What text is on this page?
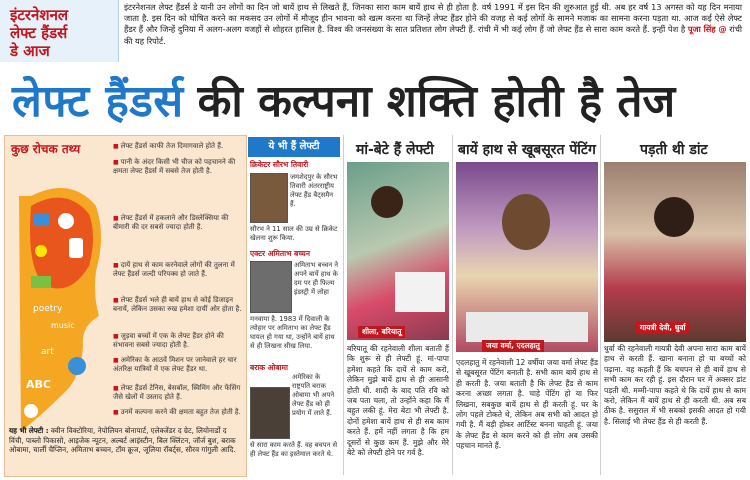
इंटरनेशनल
लेफ्ट हैंडर्स
डे आज
इंटरनेशनल लेफ्ट हैंडर्स डे यानी उन लोगों का दिन जो बायें हाथ से लिखते हैं, जिनका सारा काम बायें हाथ से ही होता है. वर्ष 1991 में इस दिन की शुरुआत हुई थी. अब हर वर्ष 13 अगस्त को यह दिन मनाया जाता है. इस दिन को घोषित करने का मकसद उन लोगों में मौजूद हीन भावना को खत्म करना था जिन्हें लेफ्ट हैंडर होने की वजह से कई लोगों के सामने मजाक का सामना करना पड़ता था. आज कई ऐसे लेफ्ट हैंडर हैं और जिन्हें दुनिया में अलग-अलग वजहों से शोहरत हासिल है. विश्व की जनसंख्या के सात प्रतिशत लोग लेफ्टी हैं. रांची में भी कई लोग हैं जो लेफ्ट हैंड से सारा काम करते हैं. इन्हीं पेश है पूजा सिंह @ रांची की यह रिपोर्ट.
लेफ्ट हैंडर्स की कल्पना शक्ति होती है तेज
कुछ रोचक तथ्य
poetry
music
art
ABC
■ लेफ्ट हैंडर्स काफी तेज दिमागवाले होते हैं.
■ पानी के अंदर किसी भी चीज को पहचानने की क्षमता लेफ्ट हैंडर्स में सबसे तेज होती है.
■ लेफ्ट हैंडर्स में हकलाने और डिस्लेक्सिया की बीमारी की दर सबसे ज्यादा होती है.
■ दायें हाथ से काम करनेवाले लोगों की तुलना में लेफ्ट हैंडर्स जल्दी परिपक्व हो जाते हैं.
■ लेफ्ट हैंडर्स भले ही बायें हाथ से कोई डिजाइन बनायें, लेकिन उसका रुख हमेशा दायीं ओर होता है.
■ जुड़वा बच्चों में एक के लेफ्ट हैंडर होने की संभावना सबसे ज्यादा होती है.
■ अमेरिका के आठवें मिशन पर जानेवाले हर चार अंतरिक्ष यात्रियों में एक लेफ्ट हैंडर था.
■ लेफ्ट हैंडर्स टेनिस, बेसबॉल, स्विमिंग और फेंसिंग जैसे खेलों में उस्ताद होते हैं.
■ उनमें कल्पना करने की क्षमता बहुत तेज होती है.
यह भी लेफ्टी : क्वीन विक्टोरिया, नेपोलियन बोनापार्ट, एलेक्जेंडर द ग्रेट, लियोनार्डो द विंची, पाब्लो पिकासो, आइजेक न्यूटन, अल्बर्ट आइंस्टीन, बिल क्लिंटन, जॉर्ज बुश, बराक ओबामा, चार्ली चैप्लिन, अमिताभ बच्चन, टॉम क्रूज, जूलिया रॉबर्ट्स, सौरव गांगुली आदि.
ये भी हैं लेफ्टी
क्रिकेटर सौरभ तिवारी
जमशेदपुर के सौरभ तिवारी अंतरराष्ट्रीय लेफ्ट हैंड बैट्समैन हैं.
सौरभ ने 11 साल की उम्र से क्रिकेट खेलना शुरू किया.
एक्टर अमिताभ बच्चन
अमिताभ बच्चन ने अपने बायें हाथ के दम पर ही फिल्म इंडस्ट्री में लोहा
मनवाया है. 1983 में दिवाली के त्योहार पर अमिताभ का लेफ्ट हैंड घायल हो गया था, उन्होंने बायें हाथ से ही लिखना सीख लिया.
बराक ओबामा
अमेरिका के राष्ट्रपति बराक ओबामा भी अपने लेफ्ट हैंड को ही प्रयोग में लाते हैं.
से सारा काम करते हैं. वह बचपन से ही लेफ्ट हैंड का इस्तेमाल करते थे.
मां-बेटे हैं लेफ्टी
शीला, बरियातू
बरियातू की रहनेवाली शीला बताती हैं कि शुरू से ही लेफ्टी हूं. मां-पापा हमेशा कहते कि दायें से काम करो, लेकिन मुझे बायें हाथ से ही आसानी होती थी. शादी के बाद पति रवि को जब पता चला, तो उन्होंने कहा कि मैं बहुत लकी हूं. मेरा बेटा भी लेफ्टी है. दोनों हमेशा बायें हाथ से ही सब काम करते हैं. हमें नहीं लगता है कि हम दूसरों से कुछ कम हैं. मुझे और मेरे बेटे को लेफ्टी होने पर गर्व है.
बायें हाथ से खूबसूरत पेंटिंग
जया वर्मा, एदलहातु
एदलहातु में रहनेवाली 12 वर्षीया जया वर्मा लेफ्ट हैंड से खूबसूरत पेंटिंग बनाती है. सभी काम बायें हाथ से ही करती है. जया बताती है कि लेफ्ट हैंड से काम करना अच्छा लगता है. चाहे पेंटिंग हो या फिर लिखना, सबकुछ बायें हाथ से ही करती हूं. घर के लोग पहले टोकते थे, लेकिन अब सभी को आदत हो गयी है. मैं बड़ी होकर आर्टिस्ट बनना चाहती हूं. जया के लेफ्ट हैंड से काम करने को ही लोग अब उसकी पहचान मानते हैं.
पड़ती थी डांट
गायत्री देवी, धुर्वा
धुर्वा की रहनेवाली गायत्री देवी अपना सारा काम बायें हाथ से करती हैं. खाना बनाना हो या बच्चों को पढ़ाना. वह कहती हैं कि बचपन से ही बायें हाथ से सभी काम कर रही हूं. इस दौरान घर में अक्सर डांट पड़ती थी. मम्मी-पापा कहते थे कि दायें हाथ से काम करो, लेकिन मैं बायें हाथ से ही करती थी. अब सब ठीक है. ससुराल में भी सबको इसकी आदत हो गयी है. सिलाई भी लेफ्ट हैंड से ही करती हैं.
